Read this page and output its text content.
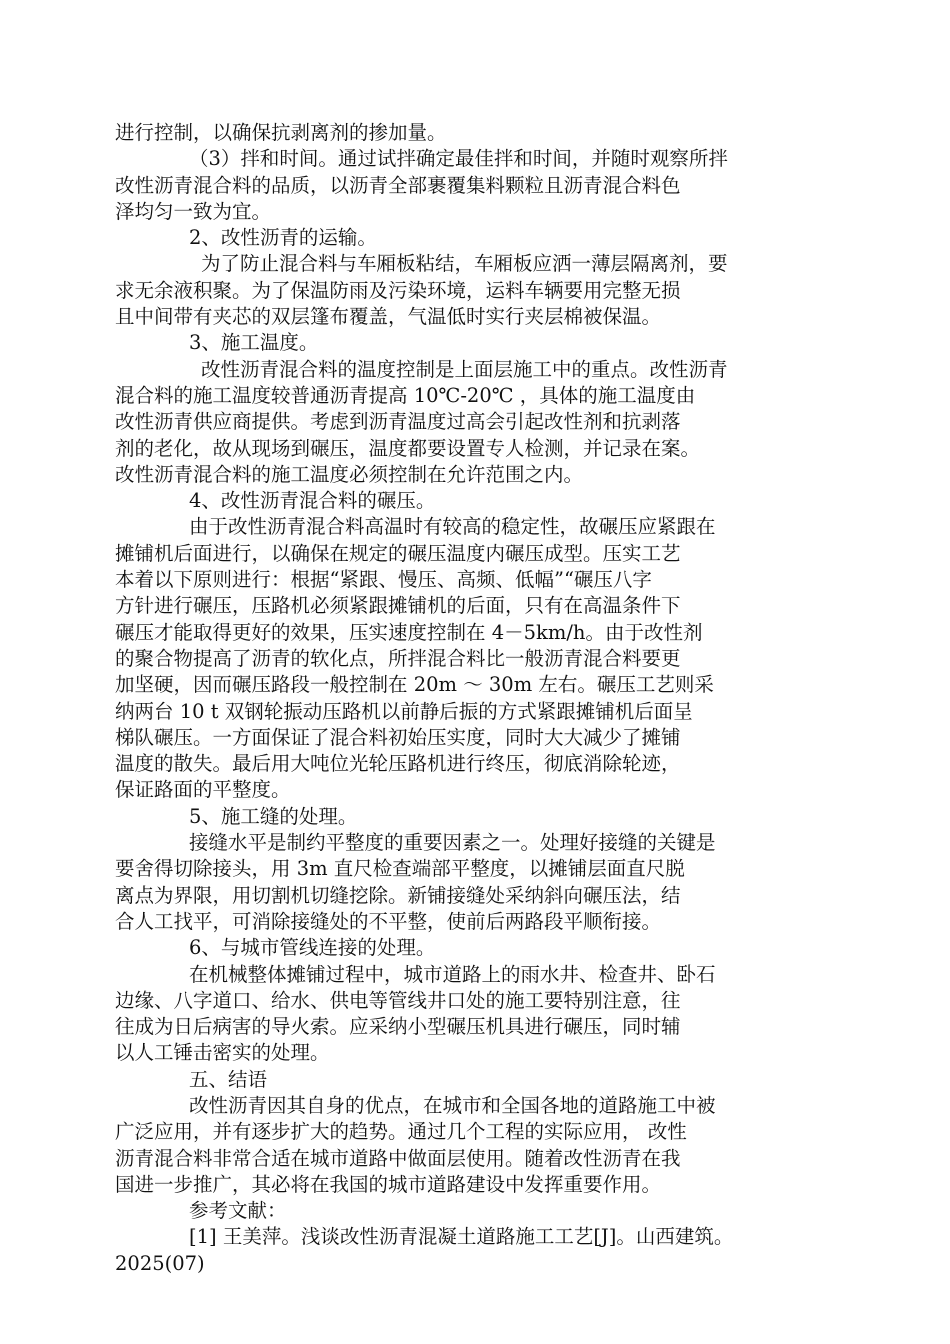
进行控制，以确保抗剥离剂的掺加量。
（3）拌和时间。通过试拌确定最佳拌和时间，并随时观察所拌
改性沥青混合料的品质，以沥青全部裹覆集料颗粒且沥青混合料色
泽均匀一致为宜。
2、改性沥青的运输。
为了防止混合料与车厢板粘结，车厢板应洒一薄层隔离剂，要
求无余液积聚。为了保温防雨及污染环境，运料车辆要用完整无损
且中间带有夹芯的双层篷布覆盖，气温低时实行夹层棉被保温。
3、施工温度。
改性沥青混合料的温度控制是上面层施工中的重点。改性沥青
混合料的施工温度较普通沥青提高 10℃-20℃ ，具体的施工温度由
改性沥青供应商提供。考虑到沥青温度过高会引起改性剂和抗剥落
剂的老化，故从现场到碾压，温度都要设置专人检测，并记录在案。
改性沥青混合料的施工温度必须控制在允许范围之内。
4、改性沥青混合料的碾压。
由于改性沥青混合料高温时有较高的稳定性，故碾压应紧跟在
摊铺机后面进行，以确保在规定的碾压温度内碾压成型。压实工艺
本着以下原则进行：根据“紧跟、慢压、高频、低幅”“碾压八字
方针进行碾压，压路机必须紧跟摊铺机的后面，只有在高温条件下
碾压才能取得更好的效果，压实速度控制在 4－5km/h。由于改性剂
的聚合物提高了沥青的软化点，所拌混合料比一般沥青混合料要更
加坚硬，因而碾压路段一般控制在 20m ～ 30m 左右。碾压工艺则采
纳两台 10 t 双钢轮振动压路机以前静后振的方式紧跟摊铺机后面呈
梯队碾压。一方面保证了混合料初始压实度，同时大大减少了摊铺
温度的散失。最后用大吨位光轮压路机进行终压，彻底消除轮迹，
保证路面的平整度。
5、施工缝的处理。
接缝水平是制约平整度的重要因素之一。处理好接缝的关键是
要舍得切除接头，用 3m 直尺检查端部平整度，以摊铺层面直尺脱
离点为界限，用切割机切缝挖除。新铺接缝处采纳斜向碾压法，结
合人工找平，可消除接缝处的不平整，使前后两路段平顺衔接。
6、与城市管线连接的处理。
在机械整体摊铺过程中，城市道路上的雨水井、检查井、卧石
边缘、八字道口、给水、供电等管线井口处的施工要特别注意，往
往成为日后病害的导火索。应采纳小型碾压机具进行碾压，同时辅
以人工锤击密实的处理。
五、结语
改性沥青因其自身的优点，在城市和全国各地的道路施工中被
广泛应用，并有逐步扩大的趋势。通过几个工程的实际应用， 改性
沥青混合料非常合适在城市道路中做面层使用。随着改性沥青在我
国进一步推广，其必将在我国的城市道路建设中发挥重要作用。
参考文献：
[1] 王美萍。浅谈改性沥青混凝土道路施工工艺[J]。山西建筑。
2025(07)
